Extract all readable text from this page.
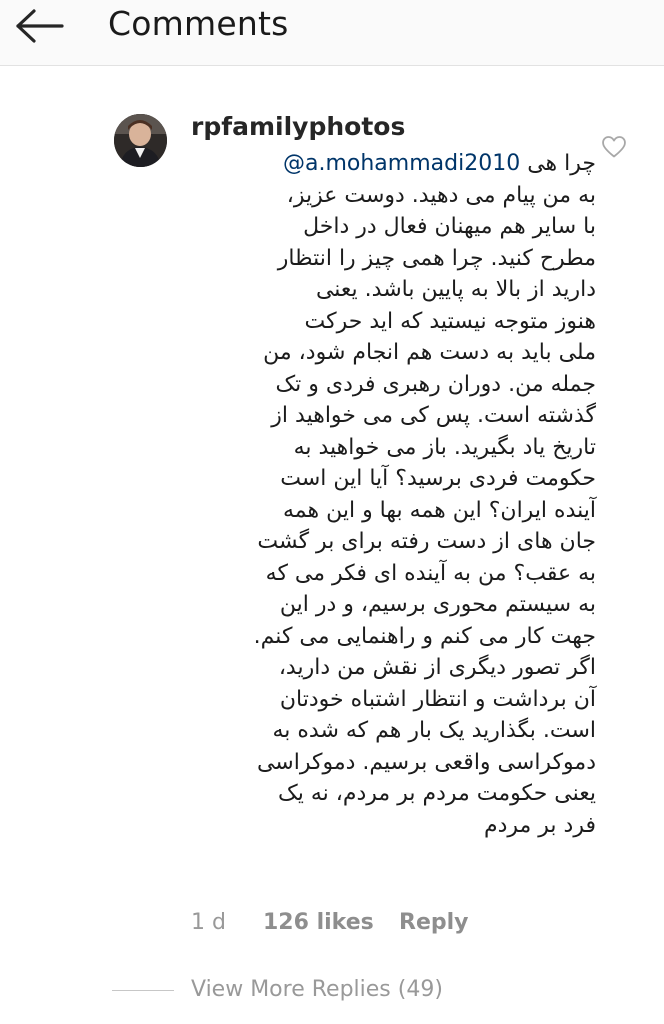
Comments
rpfamilyphotos

چرا هی @a.mohammadi2010

به من پیام می دهید. دوست عزیز،

با سایر هم میهنان فعال در داخل

مطرح کنید. چرا همی چیز را انتظار

دارید از بالا به پایین باشد. یعنی

هنوز متوجه نیستید که اید حرکت

ملی باید به دست هم انجام شود، من

جمله من. دوران رهبری فردی و تک

گذشته است. پس کی می خواهید از

تاریخ یاد بگیرید. باز می خواهید به

حکومت فردی برسید؟ آیا این است

آینده ایران؟ این همه بها و این همه

جان های از دست رفته برای بر گشت

به عقب؟ من به آینده ای فکر می که

به سیستم محوری برسیم، و در این

جهت کار می کنم و راهنمایی می کنم.

اگر تصور دیگری از نقش من دارید،

آن برداشت و انتظار اشتباه خودتان

است. بگذارید یک بار هم که شده به

دموکراسی واقعی برسیم. دموکراسی

یعنی حکومت مردم بر مردم، نه یک

فرد بر مردم

1 d 126 likes Reply
View More Replies (49)
